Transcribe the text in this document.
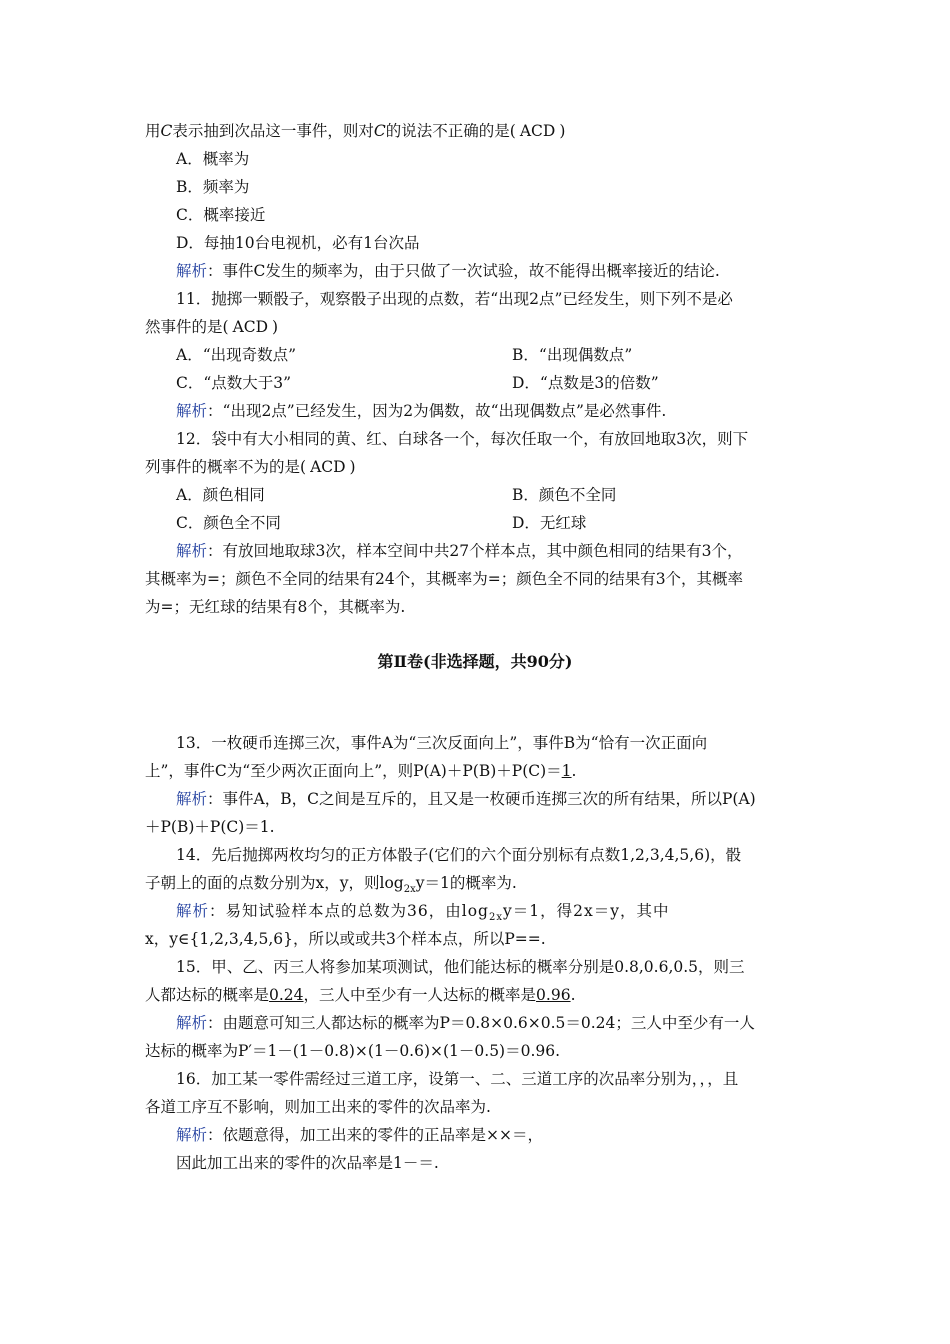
用C表示抽到次品这一事件，则对C的说法不正确的是( ACD )
A．概率为
B．频率为
C．概率接近
D．每抽10台电视机，必有1台次品
解析：事件C发生的频率为，由于只做了一次试验，故不能得出概率接近的结论.
11．抛掷一颗骰子，观察骰子出现的点数，若“出现2点”已经发生，则下列不是必
然事件的是( ACD )
A．“出现奇数点”	B．“出现偶数点”
C．“点数大于3”	D．“点数是3的倍数”
解析：“出现2点”已经发生，因为2为偶数，故“出现偶数点”是必然事件.
12．袋中有大小相同的黄、红、白球各一个，每次任取一个，有放回地取3次，则下
列事件的概率不为的是( ACD )
A．颜色相同	B．颜色不全同
C．颜色全不同	D．无红球
解析：有放回地取球3次，样本空间中共27个样本点，其中颜色相同的结果有3个，
其概率为=；颜色不全同的结果有24个，其概率为=；颜色全不同的结果有3个，其概率
为=；无红球的结果有8个，其概率为.
第Ⅱ卷(非选择题，共90分)
13．一枚硬币连掷三次，事件A为“三次反面向上”，事件B为“恰有一次正面向
上”，事件C为“至少两次正面向上”，则P(A)＋P(B)＋P(C)＝1.
解析：事件A，B，C之间是互斥的，且又是一枚硬币连掷三次的所有结果，所以P(A)
＋P(B)＋P(C)＝1.
14．先后抛掷两枚均匀的正方体骰子(它们的六个面分别标有点数1,2,3,4,5,6)，骰
子朝上的面的点数分别为x，y，则$\log_{2x}y=1$的概率为.
解析：易知试验样本点的总数为36，由$\log_{2x}y=1$，得2x＝y，其中
x，y∈{1,2,3,4,5,6}，所以或或共3个样本点，所以P==.
15．甲、乙、丙三人将参加某项测试，他们能达标的概率分别是0.8,0.6,0.5，则三
人都达标的概率是0.24，三人中至少有一人达标的概率是0.96.
解析：由题意可知三人都达标的概率为P＝0.8×0.6×0.5＝0.24；三人中至少有一人
达标的概率为P′＝1－(1－0.8)×(1－0.6)×(1－0.5)＝0.96.
16．加工某一零件需经过三道工序，设第一、二、三道工序的次品率分别为，，，且
各道工序互不影响，则加工出来的零件的次品率为.
解析：依题意得，加工出来的零件的正品率是××＝，
因此加工出来的零件的次品率是1－＝.
